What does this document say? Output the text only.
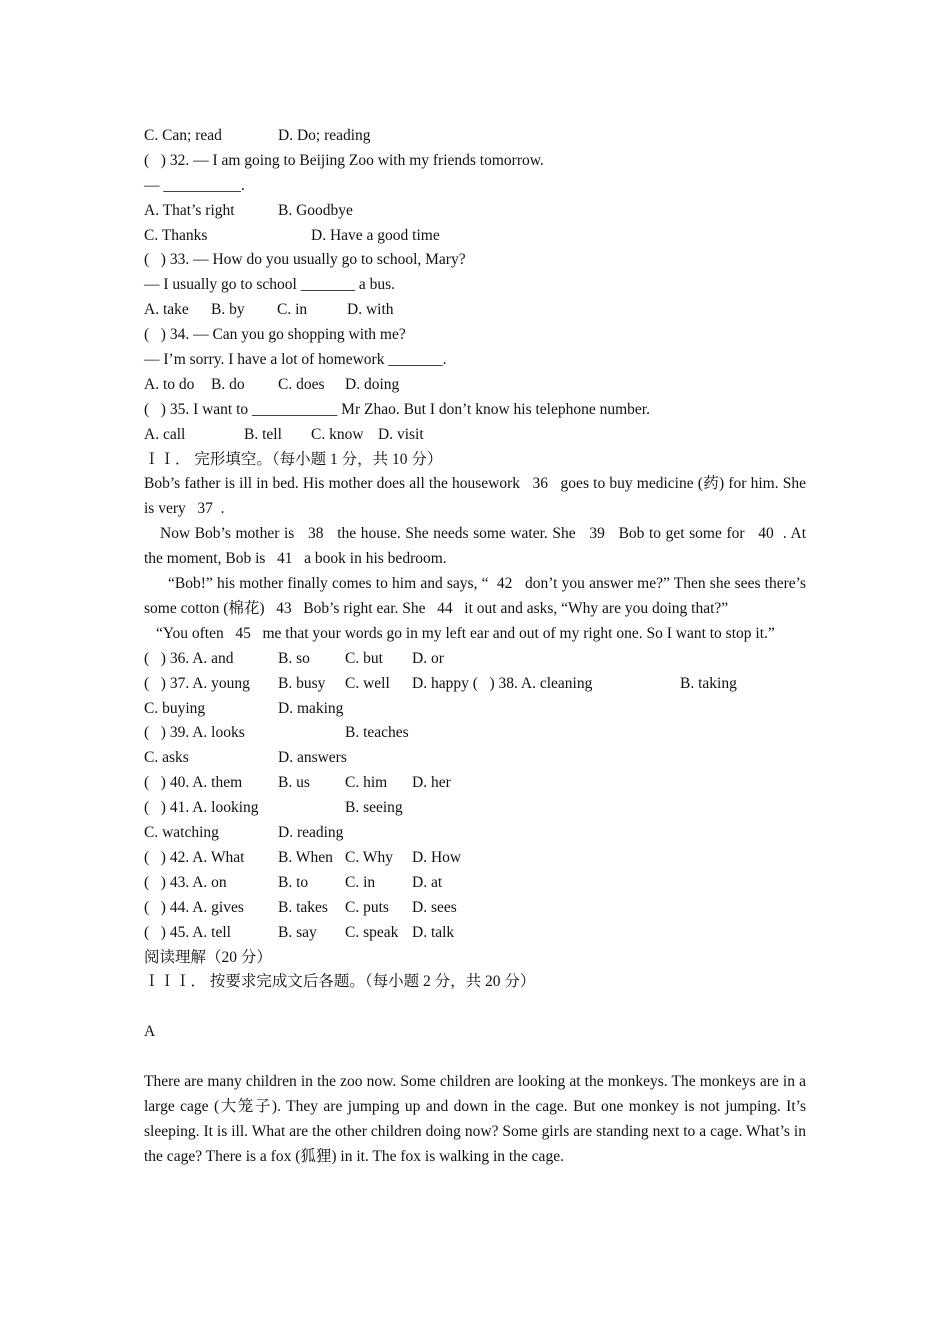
C. Can; read	D. Do; reading
(   ) 32. — I am going to Beijing Zoo with my friends tomorrow.
— __________.
A. That’s right	B. Goodbye
C. Thanks	D. Have a good time
(   ) 33. — How do you usually go to school, Mary?
— I usually go to school _______ a bus.
A. take B. by C. in	D. with
(   ) 34. — Can you go shopping with me?
— I’m sorry. I have a lot of homework _______.
A. to do B. do C. does D. doing
(   ) 35. I want to ___________ Mr Zhao. But I don’t know his telephone number.
A. call	B. tell C. know D. visit
ＩＩ． 完形填空。（每小题 1 分，共 10 分）
Bob’s father is ill in bed. His mother does all the housework   36   goes to buy medicine (药) for him. She is very   37  .
Now Bob’s mother is   38   the house. She needs some water. She   39   Bob to get some for   40  . At the moment, Bob is   41   a book in his bedroom.
“Bob!” his mother finally comes to him and says, “  42   don’t you answer me?” Then she sees there’s some cotton (棉花)   43   Bob’s right ear. She   44   it out and asks, “Why are you doing that?”
“You often   45   me that your words go in my left ear and out of my right one. So I want to stop it.”
(   ) 36. A. and	B. so C. but D. or
(   ) 37. A. young B. busy C. well D. happy (   ) 38. A. cleaning	B. taking
C. buying	D. making
(   ) 39. A. looks	B. teaches
C. asks	D. answers
(   ) 40. A. them B. us C. him D. her
(   ) 41. A. looking	B. seeing
C. watching	D. reading
(   ) 42. A. What B. When C. Why D. How
(   ) 43. A. on	B. to C. in D. at
(   ) 44. A. gives B. takes C. puts D. sees
(   ) 45. A. tell	B. say C. speak D. talk
阅读理解（20 分）
ＩＩＩ． 按要求完成文后各题。（每小题 2 分，共 20 分）
A
There are many children in the zoo now. Some children are looking at the monkeys. The monkeys are in a large cage (大笼子). They are jumping up and down in the cage. But one monkey is not jumping. It’s sleeping. It is ill. What are the other children doing now? Some girls are standing next to a cage. What’s in the cage? There is a fox (狐狸) in it. The fox is walking in the cage.
